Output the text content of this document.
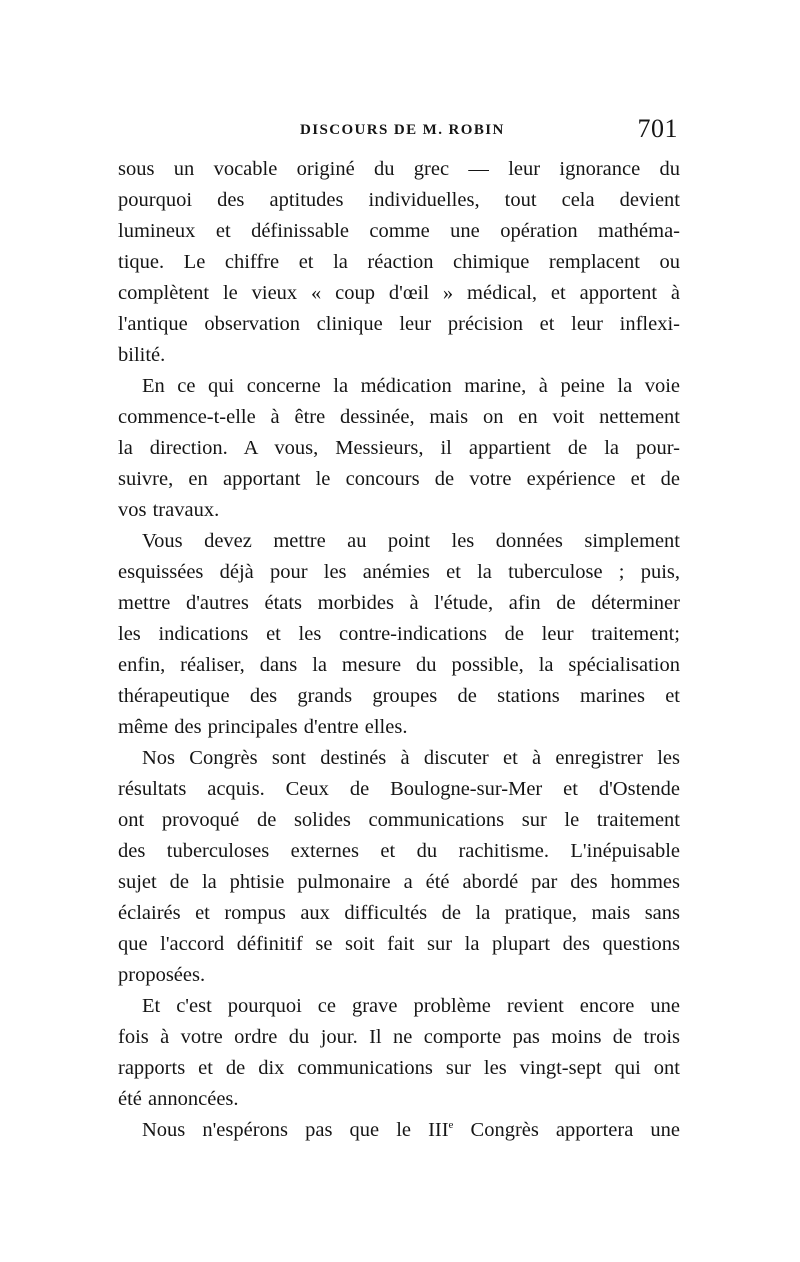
DISCOURS DE M. ROBIN	701
sous un vocable originé du grec — leur ignorance du
pourquoi des aptitudes individuelles, tout cela devient
lumineux et définissable comme une opération mathéma-
tique. Le chiffre et la réaction chimique remplacent ou
complètent le vieux « coup d'œil » médical, et apportent à
l'antique observation clinique leur précision et leur inflexi-
bilité.
En ce qui concerne la médication marine, à peine la voie
commence-t-elle à être dessinée, mais on en voit nettement
la direction. A vous, Messieurs, il appartient de la pour-
suivre, en apportant le concours de votre expérience et de
vos travaux.
Vous devez mettre au point les données simplement
esquissées déjà pour les anémies et la tuberculose ; puis,
mettre d'autres états morbides à l'étude, afin de déterminer
les indications et les contre-indications de leur traitement;
enfin, réaliser, dans la mesure du possible, la spécialisation
thérapeutique des grands groupes de stations marines et
même des principales d'entre elles.
Nos Congrès sont destinés à discuter et à enregistrer les
résultats acquis. Ceux de Boulogne-sur-Mer et d'Ostende
ont provoqué de solides communications sur le traitement
des tuberculoses externes et du rachitisme. L'inépuisable
sujet de la phtisie pulmonaire a été abordé par des hommes
éclairés et rompus aux difficultés de la pratique, mais sans
que l'accord définitif se soit fait sur la plupart des questions
proposées.
Et c'est pourquoi ce grave problème revient encore une
fois à votre ordre du jour. Il ne comporte pas moins de trois
rapports et de dix communications sur les vingt-sept qui ont
été annoncées.
Nous n'espérons pas que le IIIe Congrès apportera une
